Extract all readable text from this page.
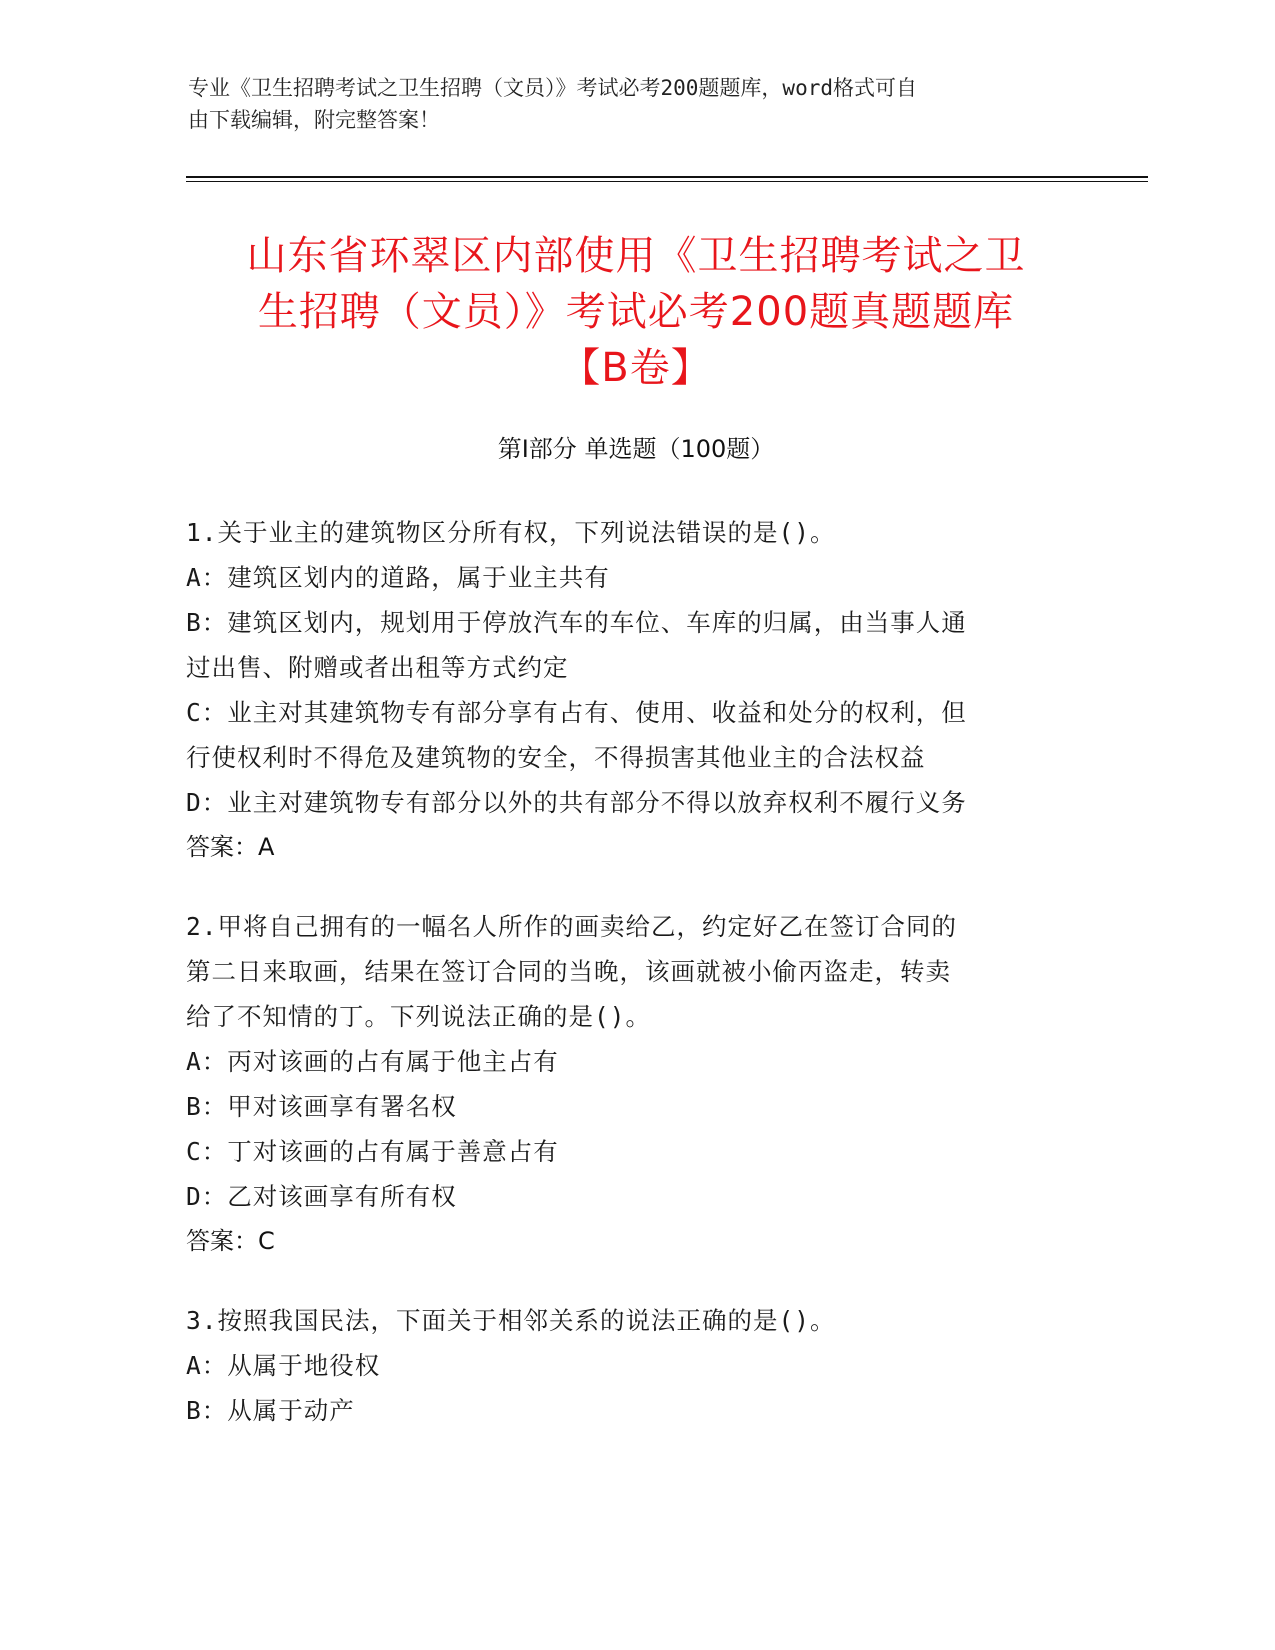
专业《卫生招聘考试之卫生招聘（文员）》考试必考200题题库，word格式可自
由下载编辑，附完整答案！
山东省环翠区内部使用《卫生招聘考试之卫
生招聘（文员）》考试必考200题真题题库
【B卷】
第Ⅰ部分 单选题（100题）
1.关于业主的建筑物区分所有权，下列说法错误的是()。
A：建筑区划内的道路，属于业主共有
B：建筑区划内，规划用于停放汽车的车位、车库的归属，由当事人通
过出售、附赠或者出租等方式约定
C：业主对其建筑物专有部分享有占有、使用、收益和处分的权利，但
行使权利时不得危及建筑物的安全，不得损害其他业主的合法权益
D：业主对建筑物专有部分以外的共有部分不得以放弃权利不履行义务
答案：A
2.甲将自己拥有的一幅名人所作的画卖给乙，约定好乙在签订合同的
第二日来取画，结果在签订合同的当晚，该画就被小偷丙盗走，转卖
给了不知情的丁。下列说法正确的是()。
A：丙对该画的占有属于他主占有
B：甲对该画享有署名权
C：丁对该画的占有属于善意占有
D：乙对该画享有所有权
答案：C
3.按照我国民法，下面关于相邻关系的说法正确的是()。
A：从属于地役权
B：从属于动产
